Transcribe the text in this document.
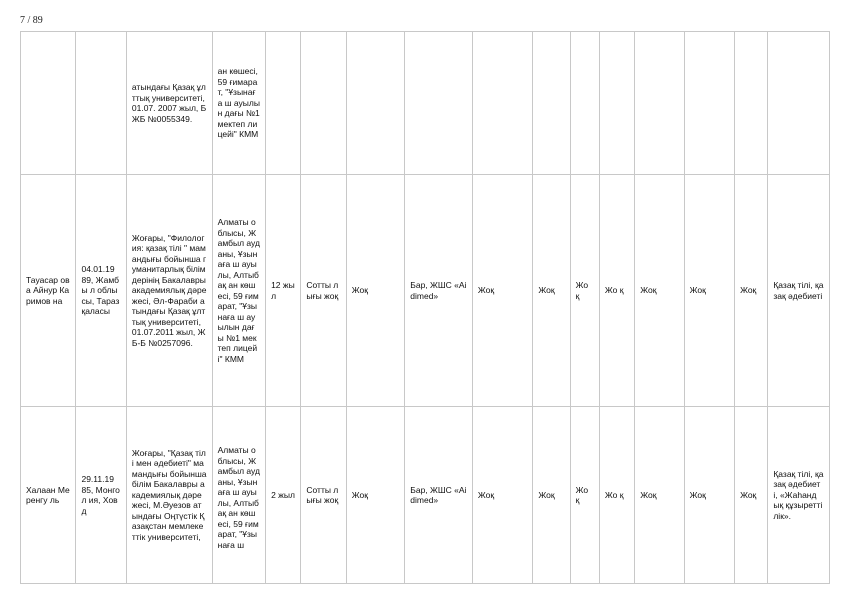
7 / 89

		атындағы Қазақ ұлттық университеті, 01.07. 2007 жыл, БЖБ №0055349.	ан көшесі, 59 ғимарат, "Ұзынаға ш ауылын дағы №1 мектеп лицейі" КММ												

Тауасар ова Айнур Каримов на	04.01.19 89, Жамбы л облысы, Тараз қаласы	Жоғары, "Филология: қазақ тілі " мамандығы бойынша гуманитарлық білімдерінің Бакалавры академиялық дәрежесі, Әл-Фараби атындағы Қазақ ұлттық университеті, 01.07.2011 жыл, ЖБ-Б №0257096.	Алматы облысы, Жамбыл ауданы, Ұзынаға ш ауылы, Алтыбақ ан көшесі, 59 ғимарат, "Ұзынаға ш ауылын дағы №1 мектеп лицейі" КММ	12 жыл	Сотты лығы жоқ	Жоқ	Бар, ЖШС «Aidimed»	Жоқ	Жоқ	Жо қ	Жо қ	Жоқ	Жоқ	Жоқ	Қазақ тілі, қазақ әдебиеті

Халаан Меренгу ль	29.11.19 85, Монгол ия, Ховд	Жоғары, "Қазақ тілі мен әдебиеті" мамандығы бойынша білім Бакалавры академиялық дәрежесі, М.Әуезов атындағы Оңтүстік Қазақстан мемлекеттік университеті,	Алматы облысы, Жамбыл ауданы, Ұзынаға ш ауылы, Алтыбақ ан көшесі, 59 ғимарат, "Ұзынаға ш	2 жыл	Сотты лығы жоқ	Жоқ	Бар, ЖШС «Aidimed»	Жоқ	Жоқ	Жо қ	Жо қ	Жоқ	Жоқ	Жоқ	Қазақ тілі, қазақ әдебиеті, «Жаһанд ық құзыретті лік».
